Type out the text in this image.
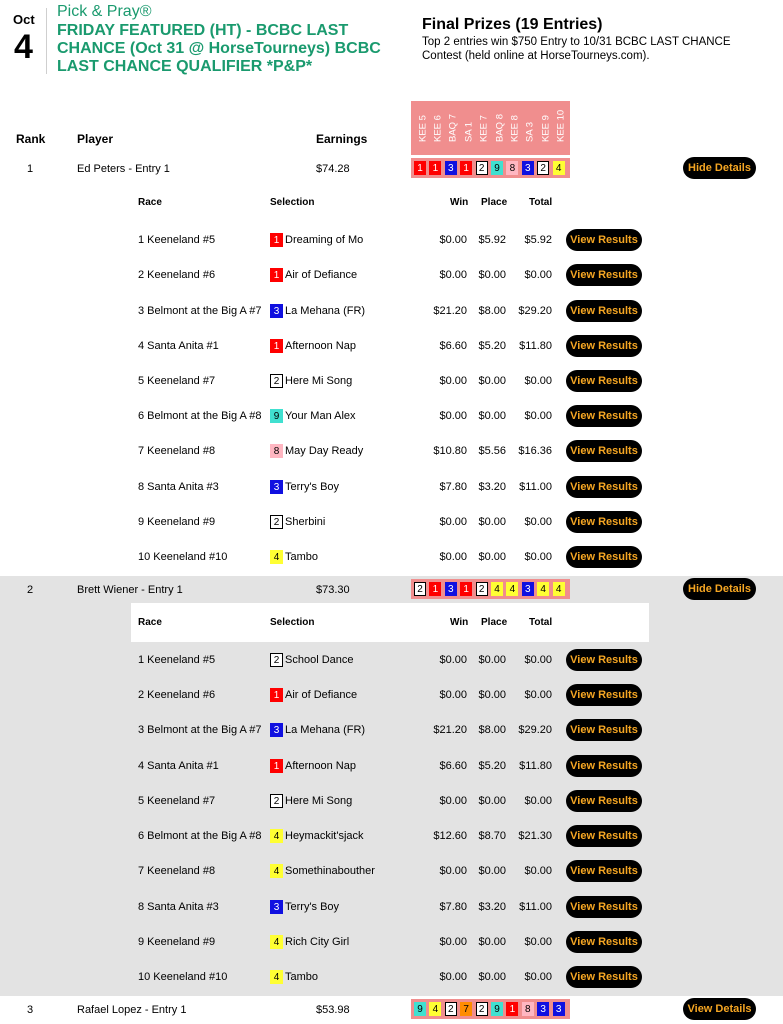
Oct
4
Pick & Pray®
FRIDAY FEATURED (HT) - BCBC LAST CHANCE (Oct 31 @ HorseTourneys) BCBC LAST CHANCE QUALIFIER *P&P*
Final Prizes (19 Entries)
Top 2 entries win $750 Entry to 10/31 BCBC LAST CHANCE Contest (held online at HorseTourneys.com).
KEE 5 KEE 6 BAQ 7 SA 1 KEE 7 BAQ 8 KEE 8 SA 3 KEE 9 KEE 10
Rank	Player	Earnings
1	Ed Peters - Entry 1	$74.28	1 1 3 1 2 9 8 3 2 4	Hide Details
Race	Selection	Win Place Total
1 Keeneland #5	1 Dreaming of Mo	$0.00	$5.92	$5.92	View Results
2 Keeneland #6	1 Air of Defiance	$0.00	$0.00	$0.00	View Results
3 Belmont at the Big A #7	3 La Mehana (FR)	$21.20	$8.00	$29.20	View Results
4 Santa Anita #1	1 Afternoon Nap	$6.60	$5.20	$11.80	View Results
5 Keeneland #7	2 Here Mi Song	$0.00	$0.00	$0.00	View Results
6 Belmont at the Big A #8	9 Your Man Alex	$0.00	$0.00	$0.00	View Results
7 Keeneland #8	8 May Day Ready	$10.80	$5.56	$16.36	View Results
8 Santa Anita #3	3 Terry's Boy	$7.80	$3.20	$11.00	View Results
9 Keeneland #9	2 Sherbini	$0.00	$0.00	$0.00	View Results
10 Keeneland #10	4 Tambo	$0.00	$0.00	$0.00	View Results
2	Brett Wiener - Entry 1	$73.30	2 1 3 1 2 4 4 3 4 4	Hide Details
Race	Selection	Win Place Total
1 Keeneland #5	2 School Dance	$0.00	$0.00	$0.00	View Results
2 Keeneland #6	1 Air of Defiance	$0.00	$0.00	$0.00	View Results
3 Belmont at the Big A #7	3 La Mehana (FR)	$21.20	$8.00	$29.20	View Results
4 Santa Anita #1	1 Afternoon Nap	$6.60	$5.20	$11.80	View Results
5 Keeneland #7	2 Here Mi Song	$0.00	$0.00	$0.00	View Results
6 Belmont at the Big A #8	4 Heymackit'sjack	$12.60	$8.70	$21.30	View Results
7 Keeneland #8	4 Somethinabouther	$0.00	$0.00	$0.00	View Results
8 Santa Anita #3	3 Terry's Boy	$7.80	$3.20	$11.00	View Results
9 Keeneland #9	4 Rich City Girl	$0.00	$0.00	$0.00	View Results
10 Keeneland #10	4 Tambo	$0.00	$0.00	$0.00	View Results
3	Rafael Lopez - Entry 1	$53.98	9 4 2 7 2 9 1 8 3 3	View Details
